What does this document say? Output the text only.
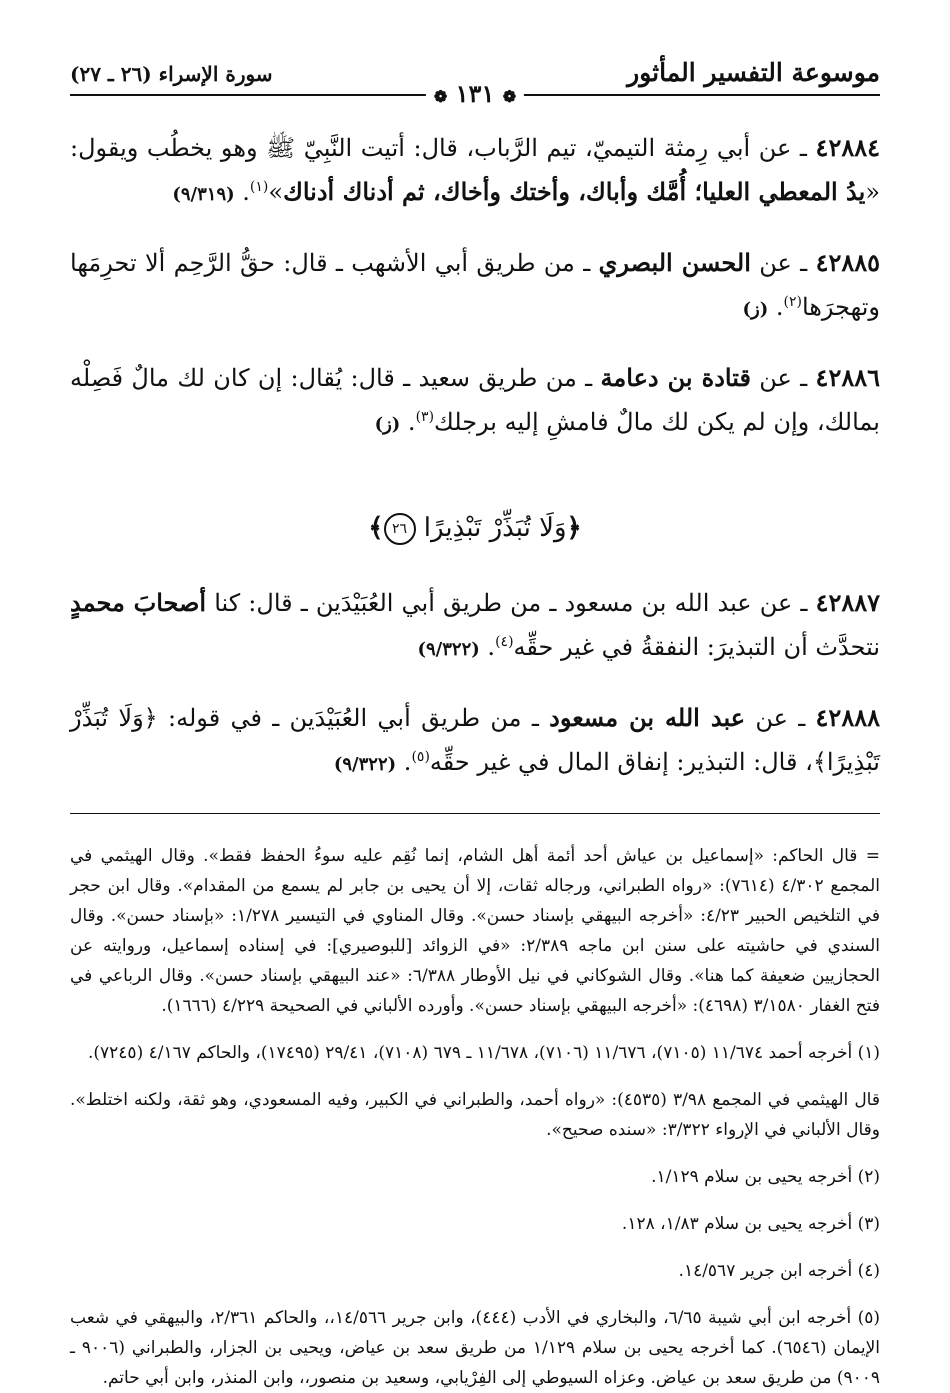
موسوعة التفسير المأثور
❁ ١٣١ ❁
سورة الإسراء (٢٦ ـ ٢٧)

٤٢٨٨٤ ـ عن أبي رِمثة التيميّ، تيم الرَّباب، قال: أتيت النَّبِيّ ﷺ وهو يخطُب ويقول: «يدُ المعطي العليا؛ أُمَّك وأباك، وأختك وأخاك، ثم أدناك أدناك»$^{(١)}$. (٩/٣١٩)

٤٢٨٨٥ ـ عن الحسن البصري ـ من طريق أبي الأشهب ـ قال: حقُّ الرَّحِم ألا تحرِمَها وتهجرَها$^{(٢)}$. (ز)

٤٢٨٨٦ ـ عن قتادة بن دعامة ـ من طريق سعيد ـ قال: يُقال: إن كان لك مالٌ فَصِلْه بمالك، وإن لم يكن لك مالٌ فامشِ إليه برجلك$^{(٣)}$. (ز)

﴿وَلَا تُبَذِّرْ تَبْذِيرًا ٢٦﴾

٤٢٨٨٧ ـ عن عبد الله بن مسعود ـ من طريق أبي العُبَيْدَين ـ قال: كنا أصحابَ محمدٍ نتحدَّث أن التبذيرَ: النفقةُ في غير حقِّه$^{(٤)}$. (٩/٣٢٢)

٤٢٨٨٨ ـ عن عبد الله بن مسعود ـ من طريق أبي العُبَيْدَين ـ في قوله: ﴿وَلَا تُبَذِّرْ تَبْذِيرًا﴾، قال: التبذير: إنفاق المال في غير حقِّه$^{(٥)}$. (٩/٣٢٢)

= قال الحاكم: «إسماعيل بن عياش أحد أئمة أهل الشام، إنما نُقِم عليه سوءُ الحفظ فقط». وقال الهيثمي في المجمع ٤/٣٠٢ (٧٦١٤): «رواه الطبراني، ورجاله ثقات، إلا أن يحيى بن جابر لم يسمع من المقدام». وقال ابن حجر في التلخيص الحبير ٤/٢٣: «أخرجه البيهقي بإسناد حسن». وقال المناوي في التيسير ١/٢٧٨: «بإسناد حسن». وقال السندي في حاشيته على سنن ابن ماجه ٢/٣٨٩: «في الزوائد [للبوصيري]: في إسناده إسماعيل، وروايته عن الحجازيين ضعيفة كما هنا». وقال الشوكاني في نيل الأوطار ٦/٣٨٨: «عند البيهقي بإسناد حسن». وقال الرباعي في فتح الغفار ٣/١٥٨٠ (٤٦٩٨): «أخرجه البيهقي بإسناد حسن». وأورده الألباني في الصحيحة ٤/٢٢٩ (١٦٦٦).

(١) أخرجه أحمد ١١/٦٧٤ (٧١٠٥)، ١١/٦٧٦ (٧١٠٦)، ١١/٦٧٨ ـ ٦٧٩ (٧١٠٨)، ٢٩/٤١ (١٧٤٩٥)، والحاكم ٤/١٦٧ (٧٢٤٥).

قال الهيثمي في المجمع ٣/٩٨ (٤٥٣٥): «رواه أحمد، والطبراني في الكبير، وفيه المسعودي، وهو ثقة، ولكنه اختلط». وقال الألباني في الإرواء ٣/٣٢٢: «سنده صحيح».

(٢) أخرجه يحيى بن سلام ١/١٢٩.

(٣) أخرجه يحيى بن سلام ١/٨٣، ١٢٨.

(٤) أخرجه ابن جرير ١٤/٥٦٧.

(٥) أخرجه ابن أبي شيبة ٦/٦٥، والبخاري في الأدب (٤٤٤)، وابن جرير ١٤/٥٦٦،، والحاكم ٢/٣٦١، والبيهقي في شعب الإيمان (٦٥٤٦). كما أخرجه يحيى بن سلام ١/١٢٩ من طريق سعد بن عياض، ويحيى بن الجزار، والطبراني (٩٠٠٦ ـ ٩٠٠٩) من طريق سعد بن عياض. وعزاه السيوطي إلى الفِرْيابي، وسعيد بن منصور،، وابن المنذر، وابن أبي حاتم.
